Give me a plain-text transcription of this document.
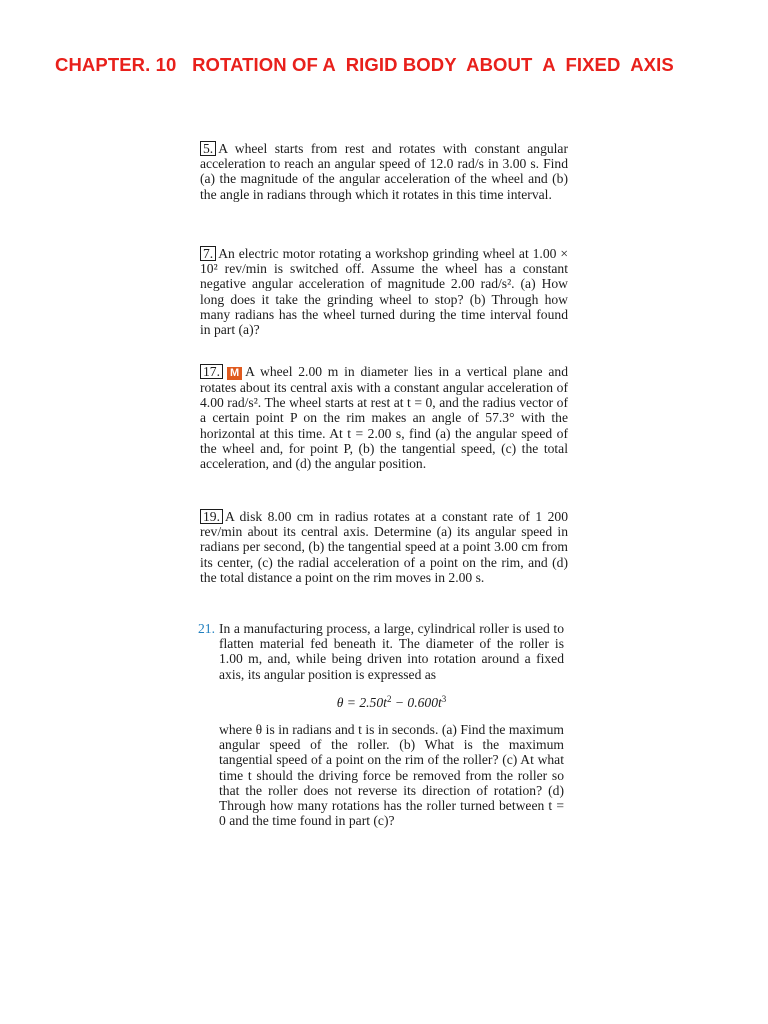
CHAPTER. 10   ROTATION OF A  RIGID BODY  ABOUT  A  FIXED  AXIS

5. A wheel starts from rest and rotates with constant angular acceleration to reach an angular speed of 12.0 rad/s in 3.00 s. Find (a) the magnitude of the angular acceleration of the wheel and (b) the angle in radians through which it rotates in this time interval.

7. An electric motor rotating a workshop grinding wheel at 1.00 × 10² rev/min is switched off. Assume the wheel has a constant negative angular acceleration of magnitude 2.00 rad/s². (a) How long does it take the grinding wheel to stop? (b) Through how many radians has the wheel turned during the time interval found in part (a)?

17. M A wheel 2.00 m in diameter lies in a vertical plane and rotates about its central axis with a constant angular acceleration of 4.00 rad/s². The wheel starts at rest at t = 0, and the radius vector of a certain point P on the rim makes an angle of 57.3° with the horizontal at this time. At t = 2.00 s, find (a) the angular speed of the wheel and, for point P, (b) the tangential speed, (c) the total acceleration, and (d) the angular position.

19. A disk 8.00 cm in radius rotates at a constant rate of 1 200 rev/min about its central axis. Determine (a) its angular speed in radians per second, (b) the tangential speed at a point 3.00 cm from its center, (c) the radial acceleration of a point on the rim, and (d) the total distance a point on the rim moves in 2.00 s.

21. In a manufacturing process, a large, cylindrical roller is used to flatten material fed beneath it. The diameter of the roller is 1.00 m, and, while being driven into rotation around a fixed axis, its angular position is expressed as

$\theta = 2.50t^2 - 0.600t^3$

where θ is in radians and t is in seconds. (a) Find the maximum angular speed of the roller. (b) What is the maximum tangential speed of a point on the rim of the roller? (c) At what time t should the driving force be removed from the roller so that the roller does not reverse its direction of rotation? (d) Through how many rotations has the roller turned between t = 0 and the time found in part (c)?
